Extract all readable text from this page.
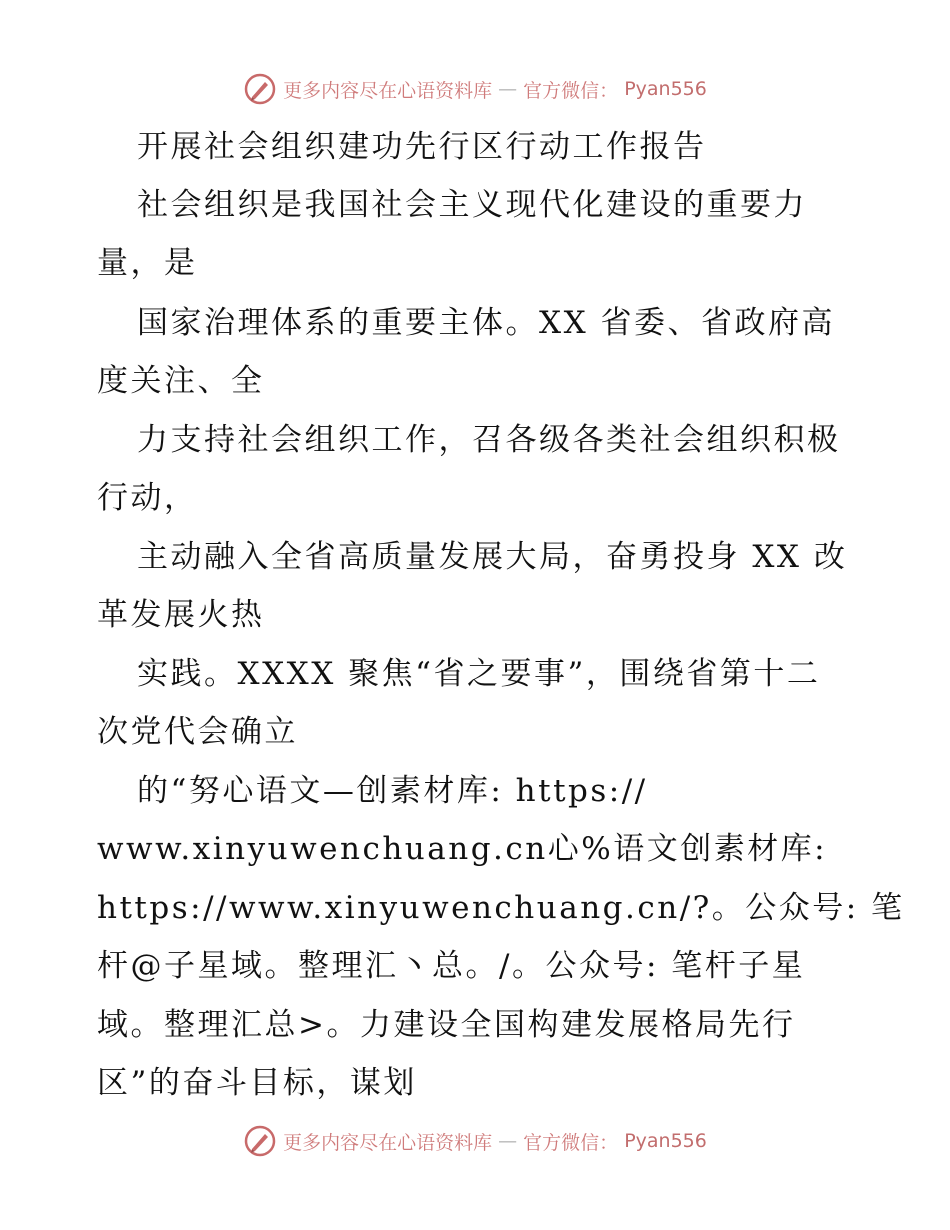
更多内容尽在心语资料库 — 官方微信： Pyan556

开展社会组织建功先行区行动工作报告

社会组织是我国社会主义现代化建设的重要力

量，是

国家治理体系的重要主体。XX 省委、省政府高

度关注、全

力支持社会组织工作，召各级各类社会组织积极

行动，

主动融入全省高质量发展大局，奋勇投身 XX 改

革发展火热

实践。XXXX 聚焦“省之要事”，围绕省第十二

次党代会确立

的“努心语文—创素材库: https://

www.xinyuwenchuang.cn心%语文创素材库:

https://www.xinyuwenchuang.cn/?。公众号: 笔

杆@子星域。整理汇丶总。/。公众号: 笔杆子星

域。整理汇总>。力建设全国构建发展格局先行

区”的奋斗目标，谋划

更多内容尽在心语资料库 — 官方微信： Pyan556
